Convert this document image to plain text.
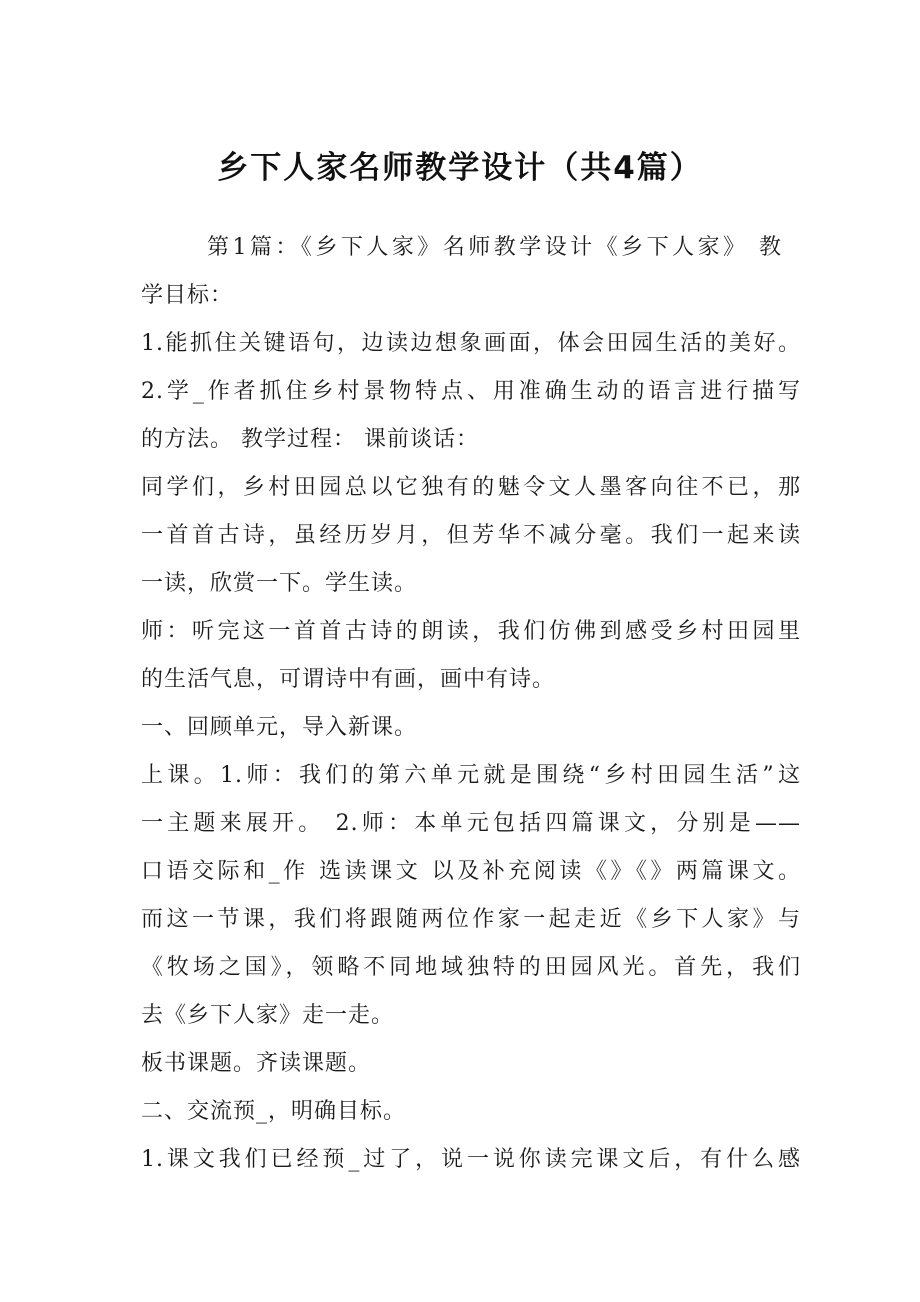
乡下人家名师教学设计（共4篇）
第1篇：《乡下人家》名师教学设计《乡下人家》 教
学目标：
1.能抓住关键语句，边读边想象画面，体会田园生活的美好。
2.学_作者抓住乡村景物特点、用准确生动的语言进行描写
的方法。 教学过程： 课前谈话：
同学们，乡村田园总以它独有的魅令文人墨客向往不已，那
一首首古诗，虽经历岁月，但芳华不减分毫。我们一起来读
一读，欣赏一下。学生读。
师：听完这一首首古诗的朗读，我们仿佛到感受乡村田园里
的生活气息，可谓诗中有画，画中有诗。
一、回顾单元，导入新课。
上课。1.师：我们的第六单元就是围绕“乡村田园生活”这
一主题来展开。 2.师：本单元包括四篇课文，分别是——
口语交际和_作 选读课文 以及补充阅读《》《》两篇课文。
而这一节课，我们将跟随两位作家一起走近《乡下人家》与
《牧场之国》，领略不同地域独特的田园风光。首先，我们
去《乡下人家》走一走。
板书课题。齐读课题。
二、交流预_，明确目标。
1.课文我们已经预_过了，说一说你读完课文后，有什么感
